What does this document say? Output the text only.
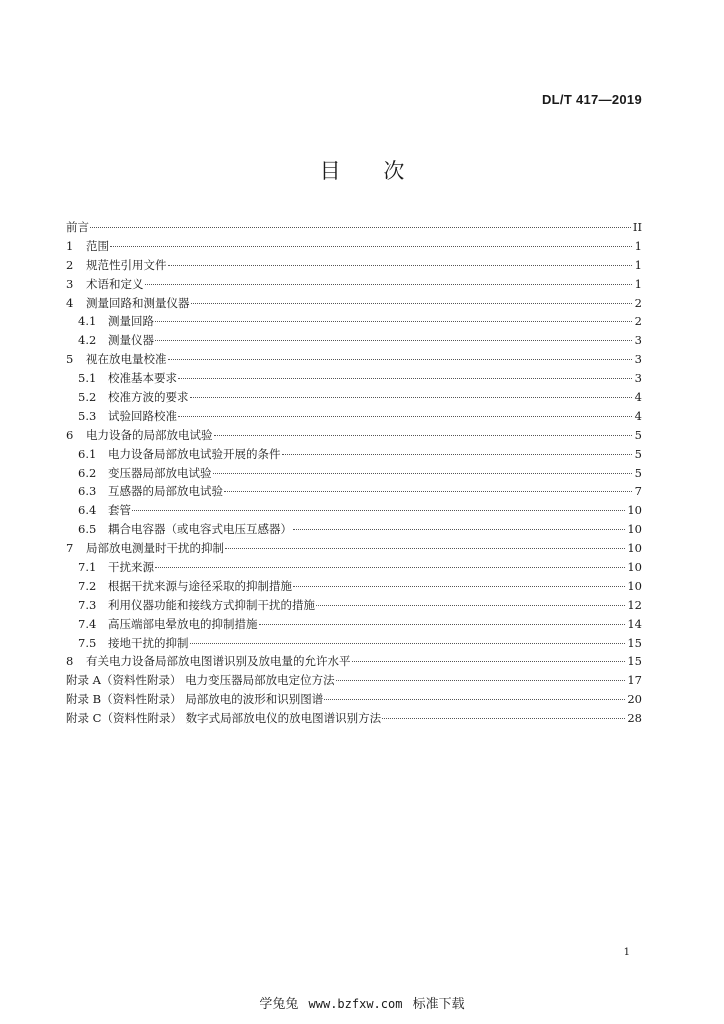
DL/T 417—2019
目 次
前言	II
1	范围	1
2	规范性引用文件	1
3	术语和定义	1
4	测量回路和测量仪器	2
4.1	测量回路	2
4.2	测量仪器	3
5	视在放电量校准	3
5.1	校准基本要求	3
5.2	校准方波的要求	4
5.3	试验回路校准	4
6	电力设备的局部放电试验	5
6.1	电力设备局部放电试验开展的条件	5
6.2	变压器局部放电试验	5
6.3	互感器的局部放电试验	7
6.4	套管	10
6.5	耦合电容器（或电容式电压互感器）	10
7	局部放电测量时干扰的抑制	10
7.1	干扰来源	10
7.2	根据干扰来源与途径采取的抑制措施	10
7.3	利用仪器功能和接线方式抑制干扰的措施	12
7.4	高压端部电晕放电的抑制措施	14
7.5	接地干扰的抑制	15
8	有关电力设备局部放电图谱识别及放电量的允许水平	15
附录 A（资料性附录） 电力变压器局部放电定位方法	17
附录 B（资料性附录） 局部放电的波形和识别图谱	20
附录 C（资料性附录） 数字式局部放电仪的放电图谱识别方法	28
1
学兔兔 www.bzfxw.com 标准下载
